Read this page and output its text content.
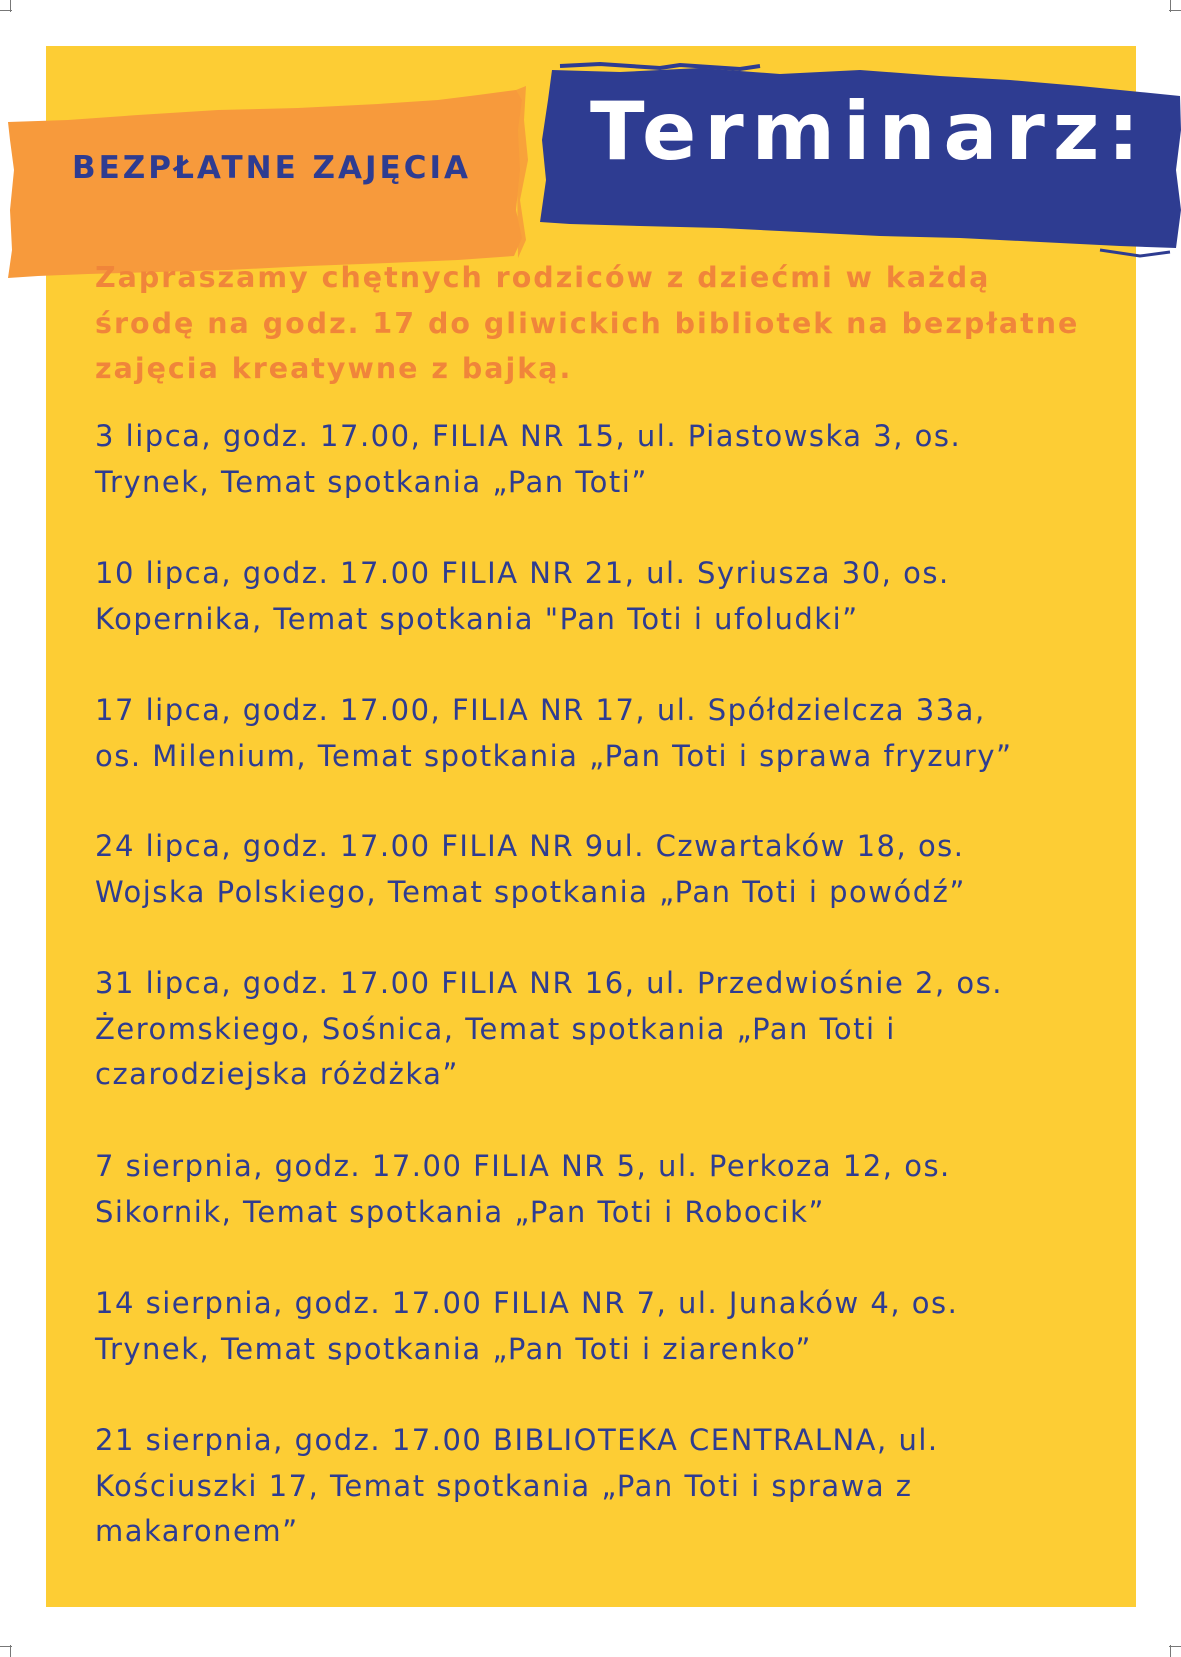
BEZPŁATNE ZAJĘCIA	Terminarz:
Zapraszamy chętnych rodziców z dziećmi w każdą
środę na godz. 17 do gliwickich bibliotek na bezpłatne
zajęcia kreatywne z bajką.
3 lipca, godz. 17.00, FILIA NR 15, ul. Piastowska 3, os.
Trynek, Temat spotkania „Pan Toti”
10 lipca, godz. 17.00 FILIA NR 21, ul. Syriusza 30, os.
Kopernika, Temat spotkania "Pan Toti i ufoludki”
17 lipca, godz. 17.00, FILIA NR 17, ul. Spółdzielcza 33a,
os. Milenium, Temat spotkania „Pan Toti i sprawa fryzury”
24 lipca, godz. 17.00 FILIA NR 9ul. Czwartaków 18, os.
Wojska Polskiego, Temat spotkania „Pan Toti i powódź”
31 lipca, godz. 17.00 FILIA NR 16, ul. Przedwiośnie 2, os.
Żeromskiego, Sośnica, Temat spotkania „Pan Toti i
czarodziejska różdżka”
7 sierpnia, godz. 17.00 FILIA NR 5, ul. Perkoza 12, os.
Sikornik, Temat spotkania „Pan Toti i Robocik”
14 sierpnia, godz. 17.00 FILIA NR 7, ul. Junaków 4, os.
Trynek, Temat spotkania „Pan Toti i ziarenko”
21 sierpnia, godz. 17.00 BIBLIOTEKA CENTRALNA, ul.
Kościuszki 17, Temat spotkania „Pan Toti i sprawa z
makaronem”
